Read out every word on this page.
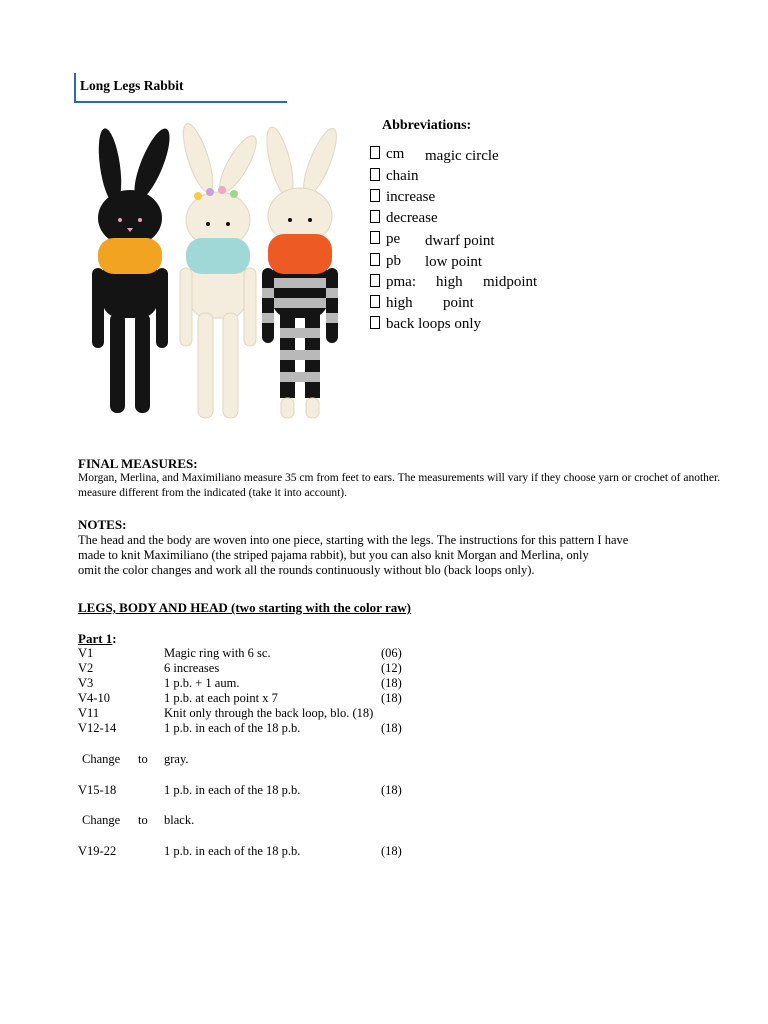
Long Legs Rabbit
Abbreviations:
cm magic circle
chain
increase
decrease
pe dwarf point
pb low point
pma: high midpoint
high point
back loops only
FINAL MEASURES:
Morgan, Merlina, and Maximiliano measure 35 cm from feet to ears. The measurements will vary if they choose yarn or crochet of another.
measure different from the indicated (take it into account).
NOTES:
The head and the body are woven into one piece, starting with the legs. The instructions for this pattern I have
made to knit Maximiliano (the striped pajama rabbit), but you can also knit Morgan and Merlina, only
omit the color changes and work all the rounds continuously without blo (back loops only).
LEGS, BODY AND HEAD (two starting with the color raw)
Part 1:
V1	Magic ring with 6 sc.	(06)
V2	6 increases	(12)
V3	1 p.b. + 1 aum.	(18)
V4-10	1 p.b. at each point x 7	(18)
V11	Knit only through the back loop, blo. (18)
V12-14	1 p.b. in each of the 18 p.b.	(18)
Change to gray.
V15-18	1 p.b. in each of the 18 p.b.	(18)
Change to black.
V19-22	1 p.b. in each of the 18 p.b.	(18)
